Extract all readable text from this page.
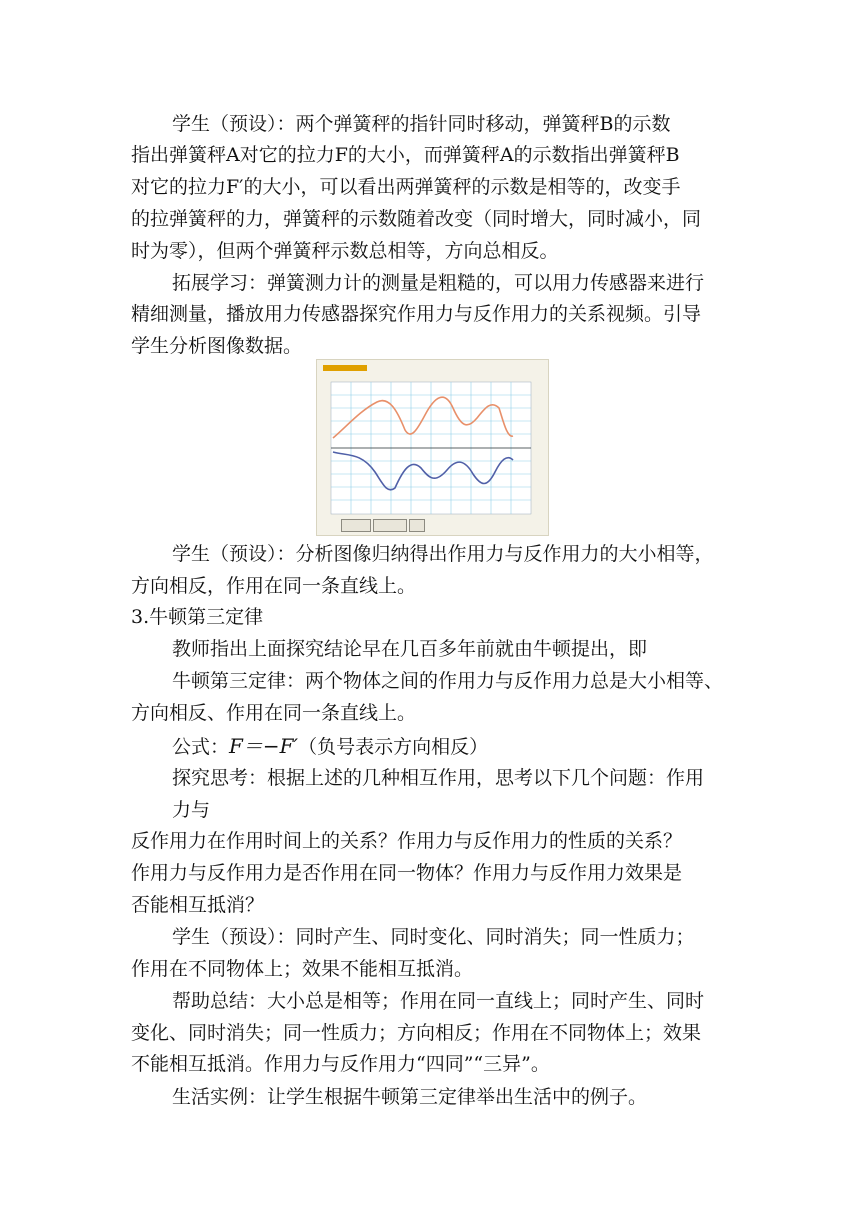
学生（预设）：两个弹簧秤的指针同时移动，弹簧秤B的示数
指出弹簧秤A对它的拉力F的大小，而弹簧秤A的示数指出弹簧秤B
对它的拉力F′的大小，可以看出两弹簧秤的示数是相等的，改变手
的拉弹簧秤的力，弹簧秤的示数随着改变（同时增大，同时减小，同
时为零），但两个弹簧秤示数总相等，方向总相反。
拓展学习：弹簧测力计的测量是粗糙的，可以用力传感器来进行
精细测量，播放用力传感器探究作用力与反作用力的关系视频。引导
学生分析图像数据。
学生（预设）：分析图像归纳得出作用力与反作用力的大小相等，
方向相反，作用在同一条直线上。
3.牛顿第三定律
教师指出上面探究结论早在几百多年前就由牛顿提出，即
牛顿第三定律：两个物体之间的作用力与反作用力总是大小相等、
方向相反、作用在同一条直线上。
公式：F＝−F′（负号表示方向相反）
探究思考：根据上述的几种相互作用，思考以下几个问题：作用
力与
反作用力在作用时间上的关系？作用力与反作用力的性质的关系？
作用力与反作用力是否作用在同一物体？作用力与反作用力效果是
否能相互抵消？
学生（预设）：同时产生、同时变化、同时消失；同一性质力；
作用在不同物体上；效果不能相互抵消。
帮助总结：大小总是相等；作用在同一直线上；同时产生、同时
变化、同时消失；同一性质力；方向相反；作用在不同物体上；效果
不能相互抵消。作用力与反作用力“四同”“三异”。
生活实例：让学生根据牛顿第三定律举出生活中的例子。
